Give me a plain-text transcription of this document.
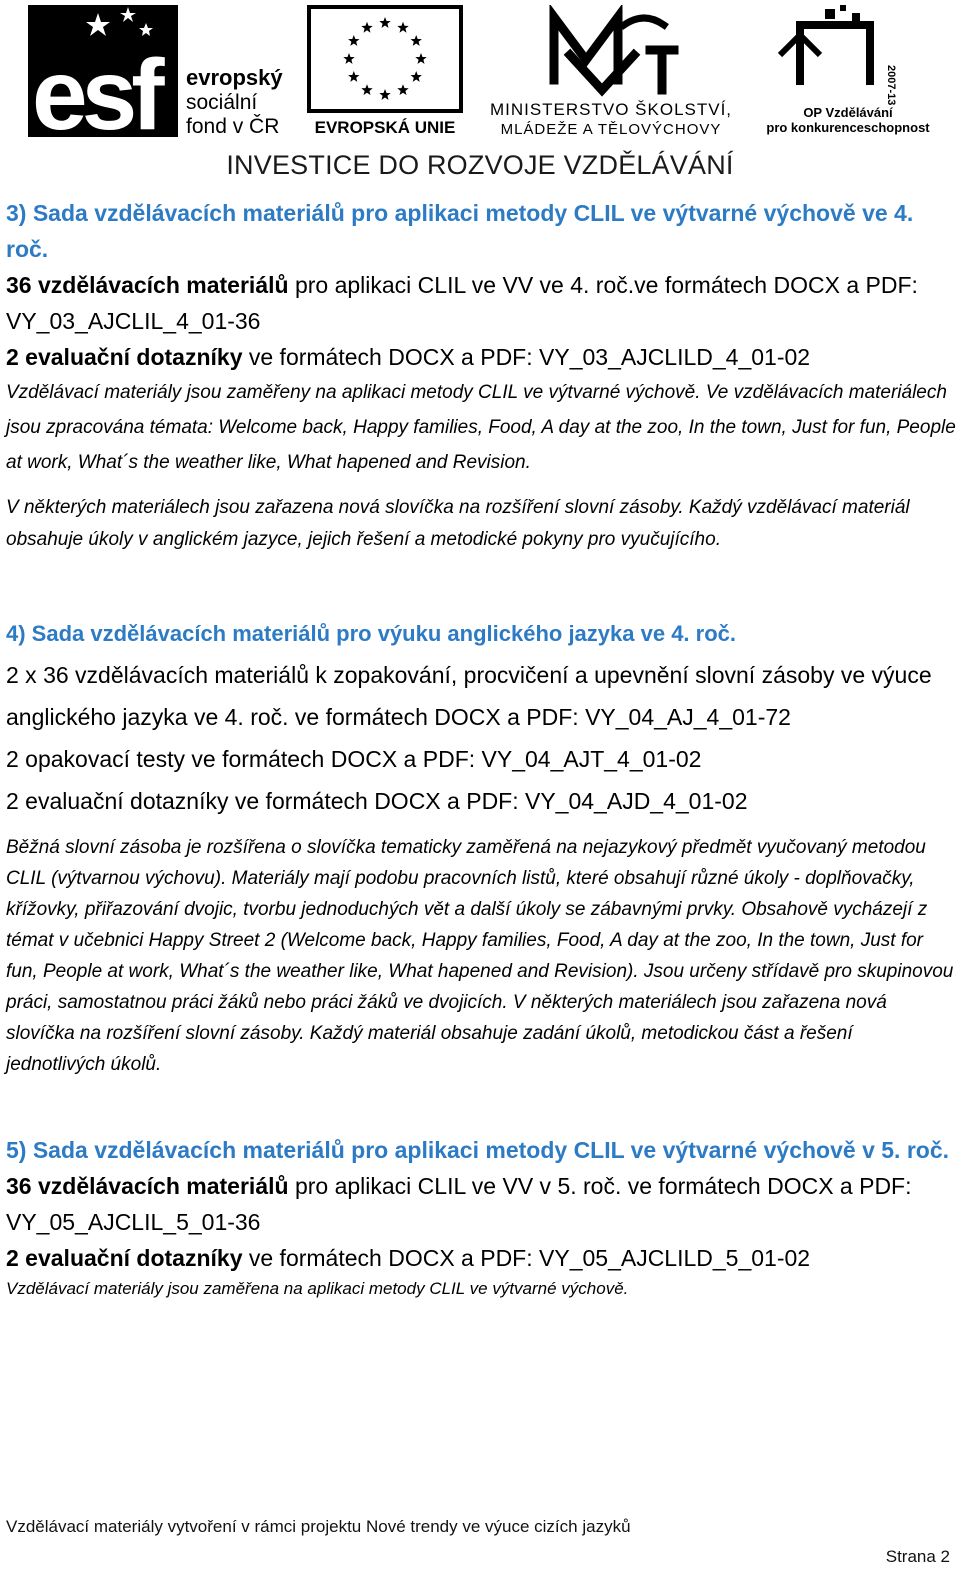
esf	evropský
sociální
fond v ČR EVROPSKÁ UNIE
MINISTERSTVO ŠKOLSTVÍ,
MLÁDEŽE A TĚLOVÝCHOVY
2007-13
OP Vzdělávání
pro konkurenceschopnost
INVESTICE DO ROZVOJE VZDĚLÁVÁNÍ

3) Sada vzdělávacích materiálů pro aplikaci metody CLIL ve výtvarné výchově ve 4. roč.

36 vzdělávacích materiálů pro aplikaci CLIL ve VV ve 4. roč.ve formátech DOCX a PDF: VY_03_AJCLIL_4_01-36

2 evaluační dotazníky ve formátech DOCX a PDF: VY_03_AJCLILD_4_01-02

Vzdělávací materiály jsou zaměřeny na aplikaci metody CLIL ve výtvarné výchově. Ve vzdělávacích materiálech jsou zpracována témata: Welcome back, Happy families, Food, A day at the zoo, In the town, Just for fun, People at work, What´s the weather like, What hapened and Revision.

V některých materiálech jsou zařazena nová slovíčka na rozšíření slovní zásoby. Každý vzdělávací materiál obsahuje úkoly v anglickém jazyce, jejich řešení a metodické pokyny pro vyučujícího.

4) Sada vzdělávacích materiálů pro výuku anglického jazyka ve 4. roč.

2 x 36 vzdělávacích materiálů k zopakování, procvičení a upevnění slovní zásoby ve výuce anglického jazyka ve 4. roč. ve formátech DOCX a PDF: VY_04_AJ_4_01-72

2 opakovací testy ve formátech DOCX a PDF: VY_04_AJT_4_01-02

2 evaluační dotazníky ve formátech DOCX a PDF: VY_04_AJD_4_01-02

Běžná slovní zásoba je rozšířena o slovíčka tematicky zaměřená na nejazykový předmět vyučovaný metodou CLIL (výtvarnou výchovu). Materiály mají podobu pracovních listů, které obsahují různé úkoly - doplňovačky, křížovky, přiřazování dvojic, tvorbu jednoduchých vět a další úkoly se zábavnými prvky. Obsahově vycházejí z témat v učebnici Happy Street 2 (Welcome back, Happy families, Food, A day at the zoo, In the town, Just for fun, People at work, What´s the weather like, What hapened and Revision). Jsou určeny střídavě pro skupinovou práci, samostatnou práci žáků nebo práci žáků ve dvojicích. V některých materiálech jsou zařazena nová slovíčka na rozšíření slovní zásoby. Každý materiál obsahuje zadání úkolů, metodickou část a řešení jednotlivých úkolů.

5) Sada vzdělávacích materiálů pro aplikaci metody CLIL ve výtvarné výchově v 5. roč.

36 vzdělávacích materiálů pro aplikaci CLIL ve VV v 5. roč. ve formátech DOCX a PDF: VY_05_AJCLIL_5_01-36

2 evaluační dotazníky ve formátech DOCX a PDF: VY_05_AJCLILD_5_01-02

Vzdělávací materiály jsou zaměřena na aplikaci metody CLIL ve výtvarné výchově.

Vzdělávací materiály vytvoření v rámci projektu Nové trendy ve výuce cizích jazyků
Strana 2
